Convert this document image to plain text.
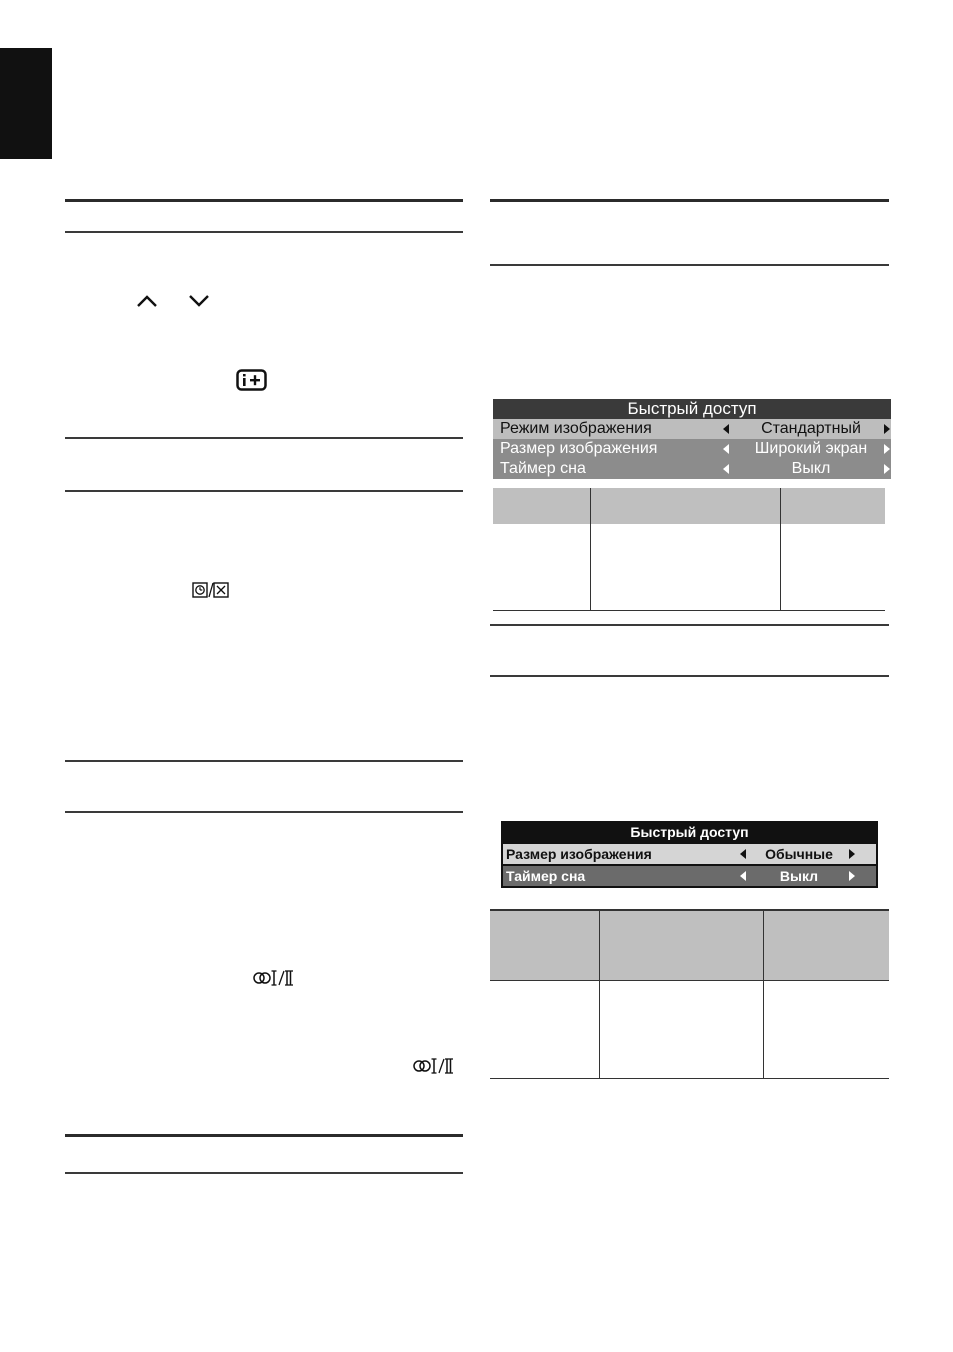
Быстрый доступ
Режим изображения	Стандартный
Размер изображения	Широкий экран
Таймер сна	Выкл

Быстрый доступ
Размер изображения	Обычные
Таймер сна	Выкл
